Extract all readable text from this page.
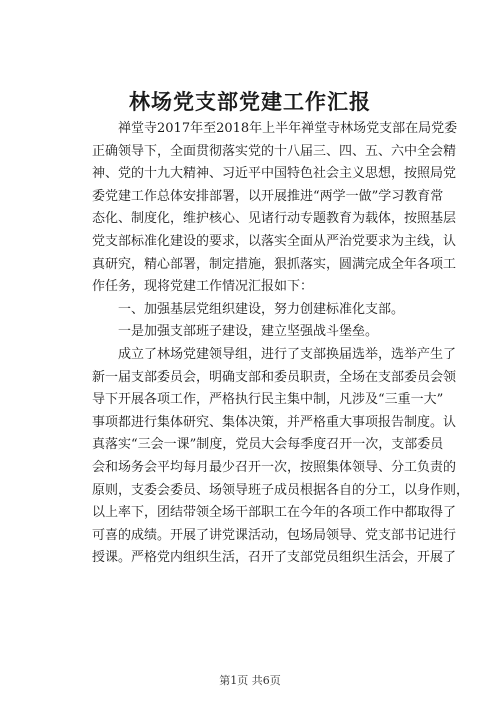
林场党支部党建工作汇报
禅堂寺2017年至2018年上半年禅堂寺林场党支部在局党委
正确领导下，全面贯彻落实党的十八届三、四、五、六中全会精
神、党的十九大精神、习近平中国特色社会主义思想，按照局党
委党建工作总体安排部署，以开展推进“两学一做”学习教育常
态化、制度化，维护核心、见诸行动专题教育为载体，按照基层
党支部标准化建设的要求，以落实全面从严治党要求为主线，认
真研究，精心部署，制定措施，狠抓落实，圆满完成全年各项工
作任务，现将党建工作情况汇报如下：
一、加强基层党组织建设，努力创建标准化支部。
一是加强支部班子建设，建立坚强战斗堡垒。
成立了林场党建领导组，进行了支部换届选举，选举产生了
新一届支部委员会，明确支部和委员职责，全场在支部委员会领
导下开展各项工作，严格执行民主集中制，凡涉及“三重一大”
事项都进行集体研究、集体决策，并严格重大事项报告制度。认
真落实“三会一课”制度，党员大会每季度召开一次，支部委员
会和场务会平均每月最少召开一次，按照集体领导、分工负责的
原则，支委会委员、场领导班子成员根据各自的分工，以身作则，
以上率下，团结带领全场干部职工在今年的各项工作中都取得了
可喜的成绩。开展了讲党课活动，包场局领导、党支部书记进行
授课。严格党内组织生活，召开了支部党员组织生活会，开展了
第1页 共6页
